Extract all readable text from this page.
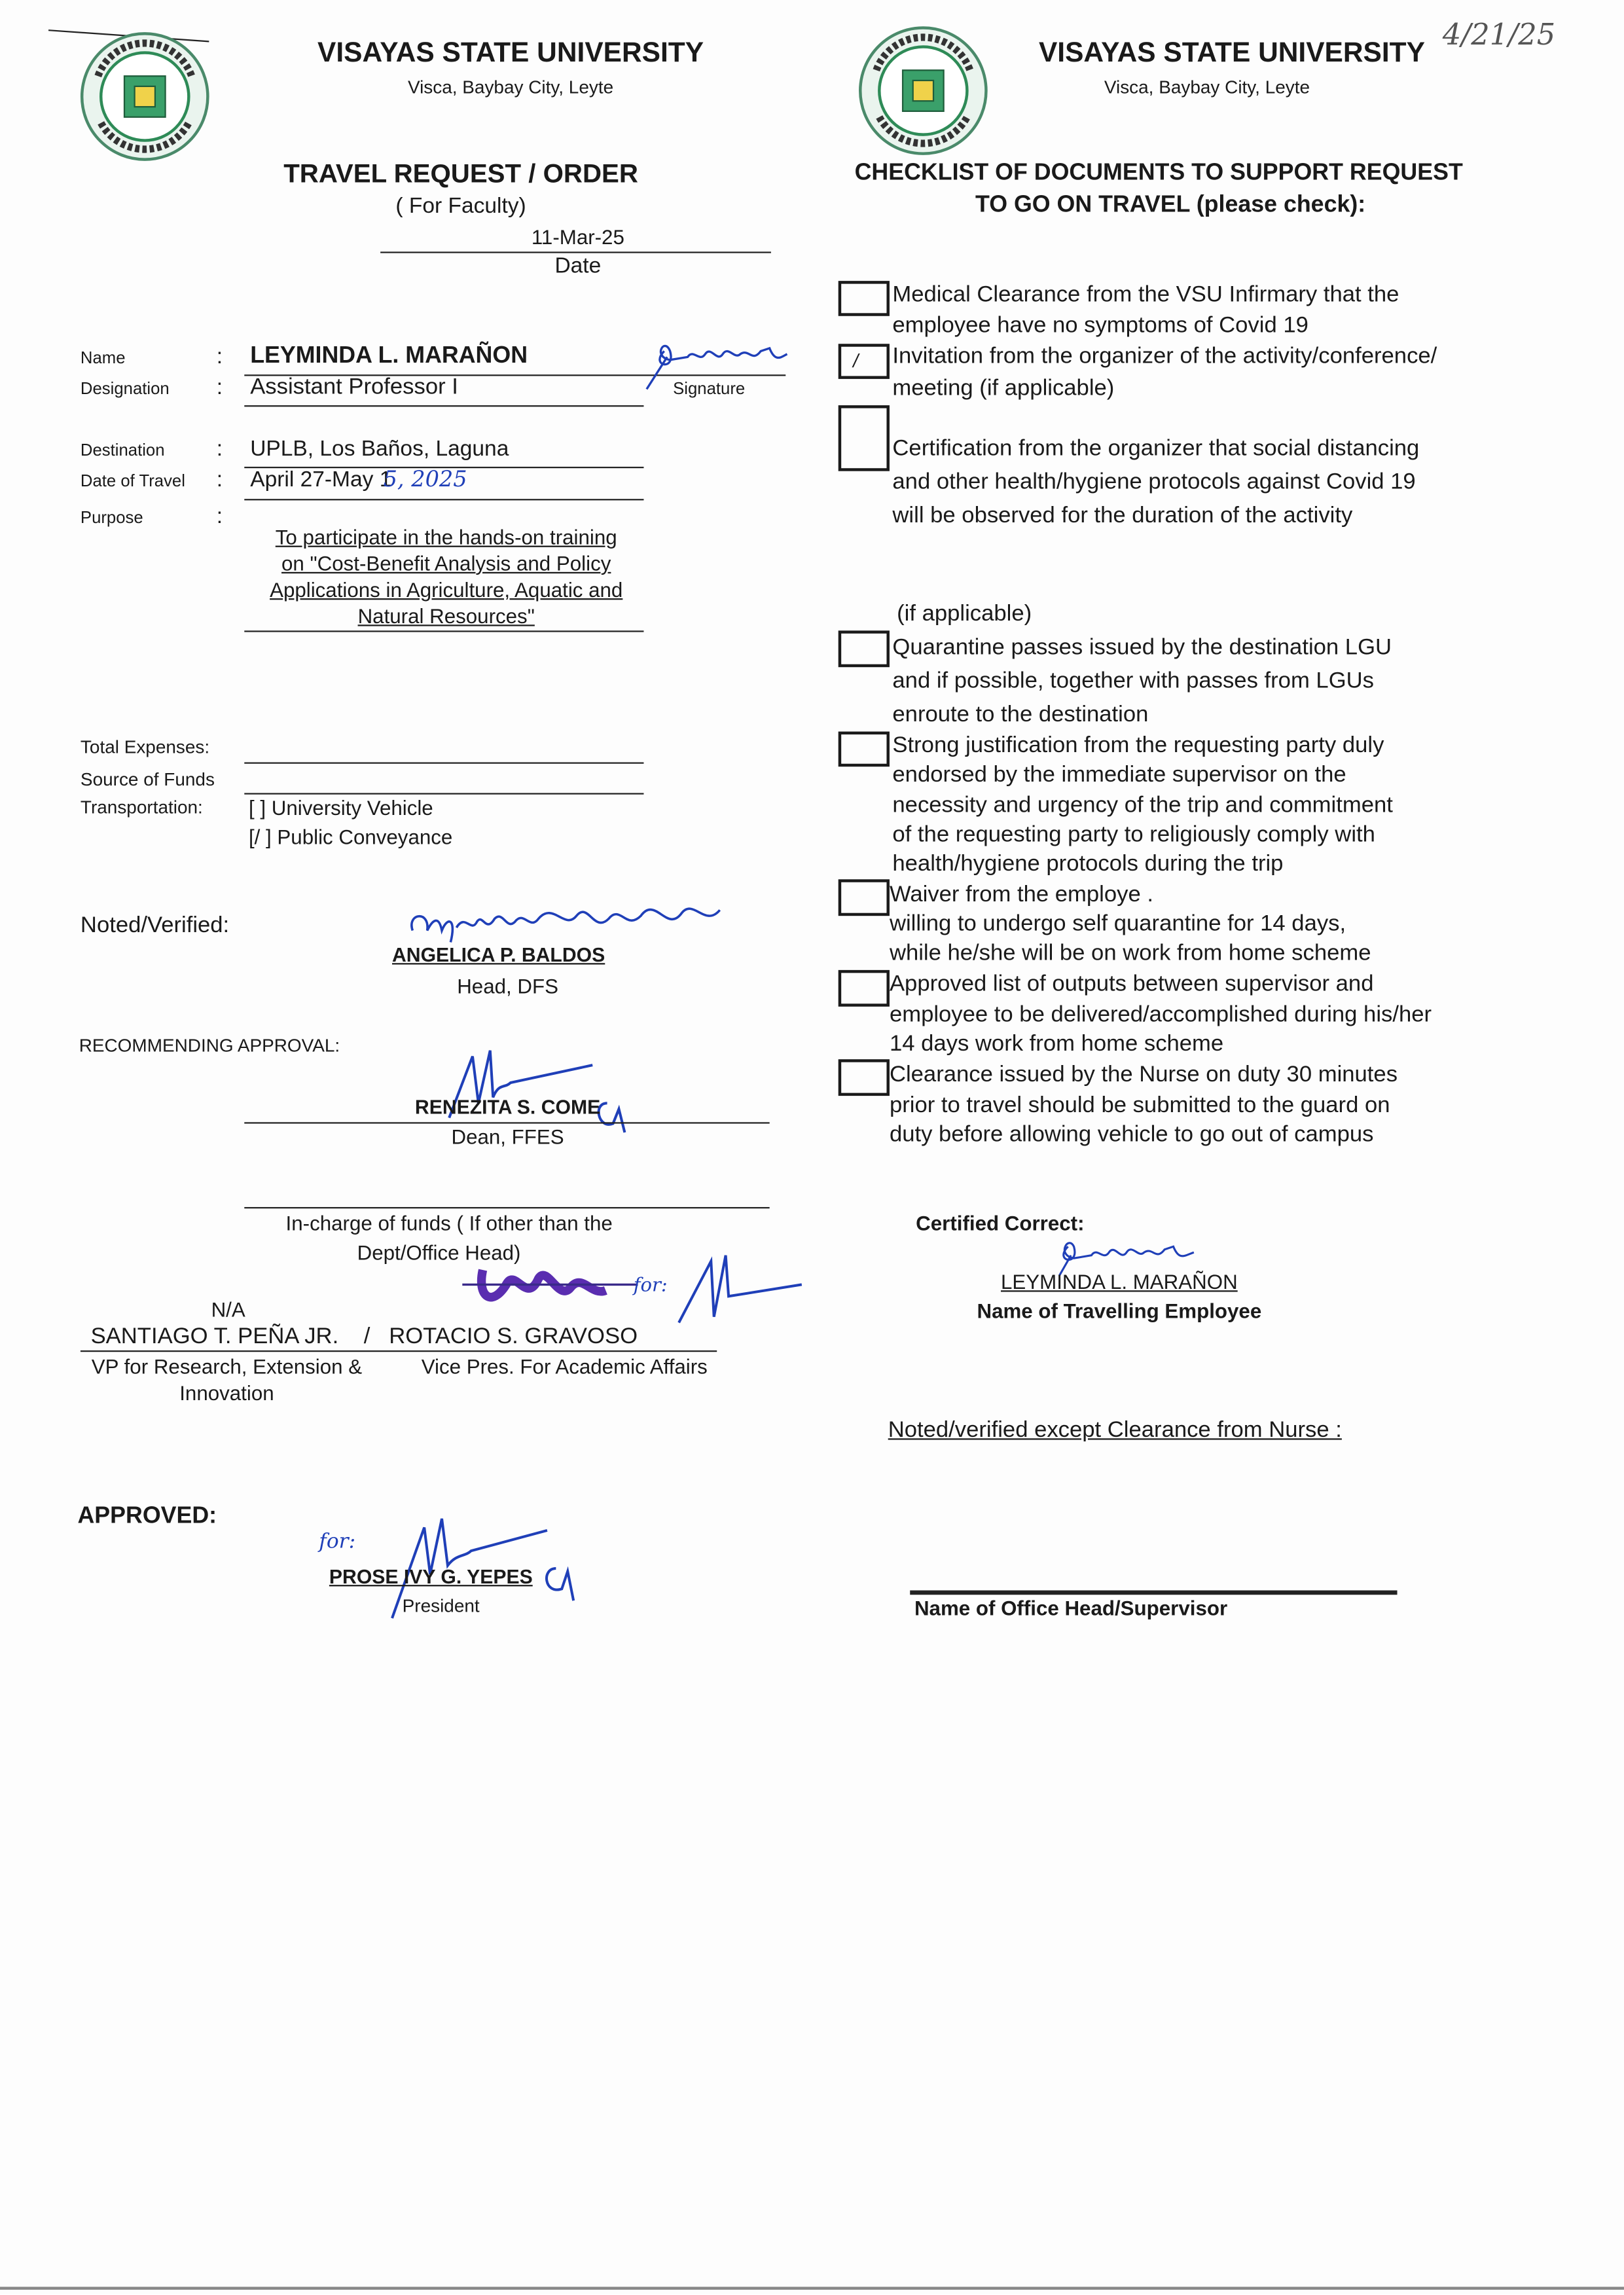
VISAYAS STATE UNIVERSITY
Visca, Baybay City, Leyte
TRAVEL REQUEST / ORDER
( For Faculty)
11-Mar-25
Date
Name	:	LEYMINDA L. MARAÑON
Designation	:	Assistant Professor I	Signature
Destination	:	UPLB, Los Baños, Laguna
Date of Travel	:	April 27-May 1
5, 2025
Purpose	:
To participate in the hands-on training
on "Cost-Benefit Analysis and Policy
Applications in Agriculture, Aquatic and
Natural Resources"
Total Expenses:
Source of Funds
Transportation:	[ ] University Vehicle
[/ ] Public Conveyance
Noted/Verified:
ANGELICA P. BALDOS
Head, DFS
RECOMMENDING APPROVAL:
RENEZITA S. COME
Dean, FFES
In-charge of funds ( If other than the
Dept/Office Head)
N/A
for:
SANTIAGO T. PEÑA JR.    /   ROTACIO S. GRAVOSO
VP for Research, Extension &
Innovation
Vice Pres. For Academic Affairs
APPROVED:
for:
PROSE IVY G. YEPES
President
VISAYAS STATE UNIVERSITY
Visca, Baybay City, Leyte
4/21/25
CHECKLIST OF DOCUMENTS TO SUPPORT REQUEST
TO GO ON TRAVEL (please check):
Medical Clearance from the VSU Infirmary that the
employee have no symptoms of Covid 19
/	Invitation from the organizer of the activity/conference/
meeting (if applicable)
Certification from the organizer that social distancing
and other health/hygiene protocols against Covid 19
will be observed for the duration of the activity
Quarantine passes issued by the destination LGU
and if possible, together with passes from LGUs
enroute to the destination
Strong justification from the requesting party duly
endorsed by the immediate supervisor on the
necessity and urgency of the trip and commitment
of the requesting party to religiously comply with
health/hygiene protocols during the trip
Waiver from the employe .
willing to undergo self quarantine for 14 days,
while he/she will be on work from home scheme
Approved list of outputs between supervisor and
employee to be delivered/accomplished during his/her
14 days work from home scheme
Clearance issued by the Nurse on duty 30 minutes
prior to travel should be submitted to the guard on
duty before allowing vehicle to go out of campus
(if applicable)
Certified Correct:
LEYMINDA L. MARAÑON
Name of Travelling Employee
Noted/verified except Clearance from Nurse :
Name of Office Head/Supervisor
